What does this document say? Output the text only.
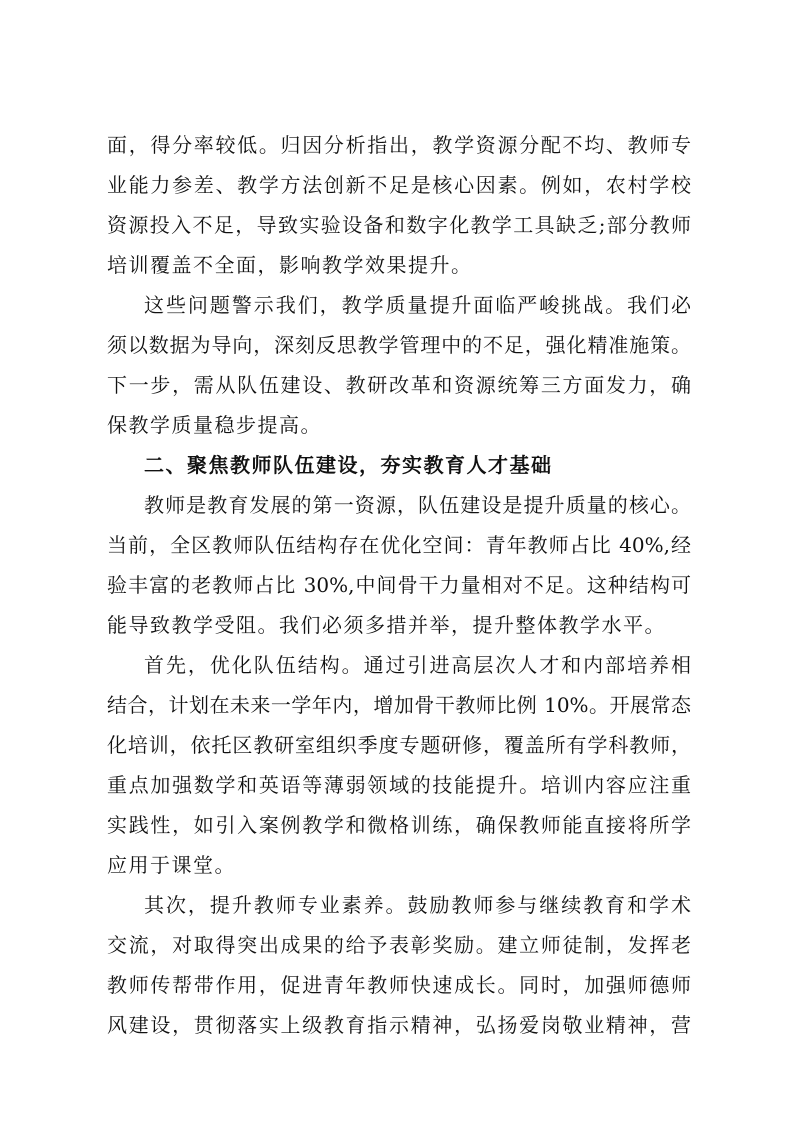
面，得分率较低。归因分析指出，教学资源分配不均、教师专
业能力参差、教学方法创新不足是核心因素。例如，农村学校
资源投入不足，导致实验设备和数字化教学工具缺乏;部分教师
培训覆盖不全面，影响教学效果提升。
这些问题警示我们，教学质量提升面临严峻挑战。我们必
须以数据为导向，深刻反思教学管理中的不足，强化精准施策。
下一步，需从队伍建设、教研改革和资源统筹三方面发力，确
保教学质量稳步提高。
二、聚焦教师队伍建设，夯实教育人才基础
教师是教育发展的第一资源，队伍建设是提升质量的核心。
当前，全区教师队伍结构存在优化空间：青年教师占比 40%,经
验丰富的老教师占比 30%,中间骨干力量相对不足。这种结构可
能导致教学受阻。我们必须多措并举，提升整体教学水平。
首先，优化队伍结构。通过引进高层次人才和内部培养相
结合，计划在未来一学年内，增加骨干教师比例 10%。开展常态
化培训，依托区教研室组织季度专题研修，覆盖所有学科教师，
重点加强数学和英语等薄弱领域的技能提升。培训内容应注重
实践性，如引入案例教学和微格训练，确保教师能直接将所学
应用于课堂。
其次，提升教师专业素养。鼓励教师参与继续教育和学术
交流，对取得突出成果的给予表彰奖励。建立师徒制，发挥老
教师传帮带作用，促进青年教师快速成长。同时，加强师德师
风建设，贯彻落实上级教育指示精神，弘扬爱岗敬业精神，营
